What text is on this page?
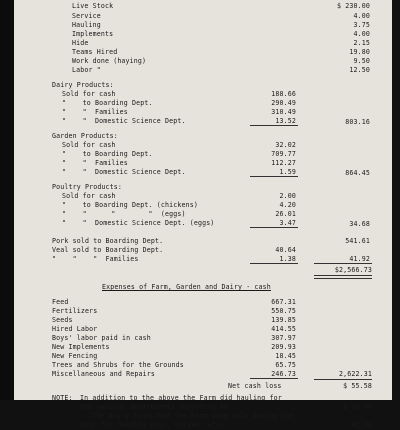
Live Stock	$ 230.00
Service	4.00
Hauling	3.75
Implements	4.00
Hide	2.15
Teams Hired	19.80
Work done (haying)	9.50
Labor "	12.50
Dairy Products:
Sold for cash	188.66
"    to Boarding Dept.	290.49
"    "  Families	310.49
"    "  Domestic Science Dept.	13.52	803.16
Garden Products:
Sold for cash	32.02
"    to Boarding Dept.	709.77
"    "  Families	112.27
"    "  Domestic Science Dept.	1.59	864.45
Poultry Products:
Sold for cash	2.00
"    to Boarding Dept. (chickens)	4.20
"    "      "        "  (eggs)	26.01
"    "  Domestic Science Dept. (eggs)	3.47	34.68
Pork sold to Boarding Dept.	541.61
Veal sold to Boarding Dept.	40.64
"    "    "  Families	1.38	41.92
$2,566.73
Expenses of Farm, Garden and Dairy - cash
Feed	667.31
Fertilizers	550.75
Seeds	139.85
Hired Labor	414.55
Boys' labor paid in cash	307.97
New Implements	209.93
New Fencing	18.45
Trees and Shrubs for the Grounds	65.75
Miscellaneous and Repairs	246.73	2,622.31
Net cash loss	$ 55.58
NOTE: In addition to the above the Farm did hauling for
the various departments amounting to	$ 14.40
The Dairy furnished the Farm with milk during the
year for feeding pigs, calves, etc.	41.92
